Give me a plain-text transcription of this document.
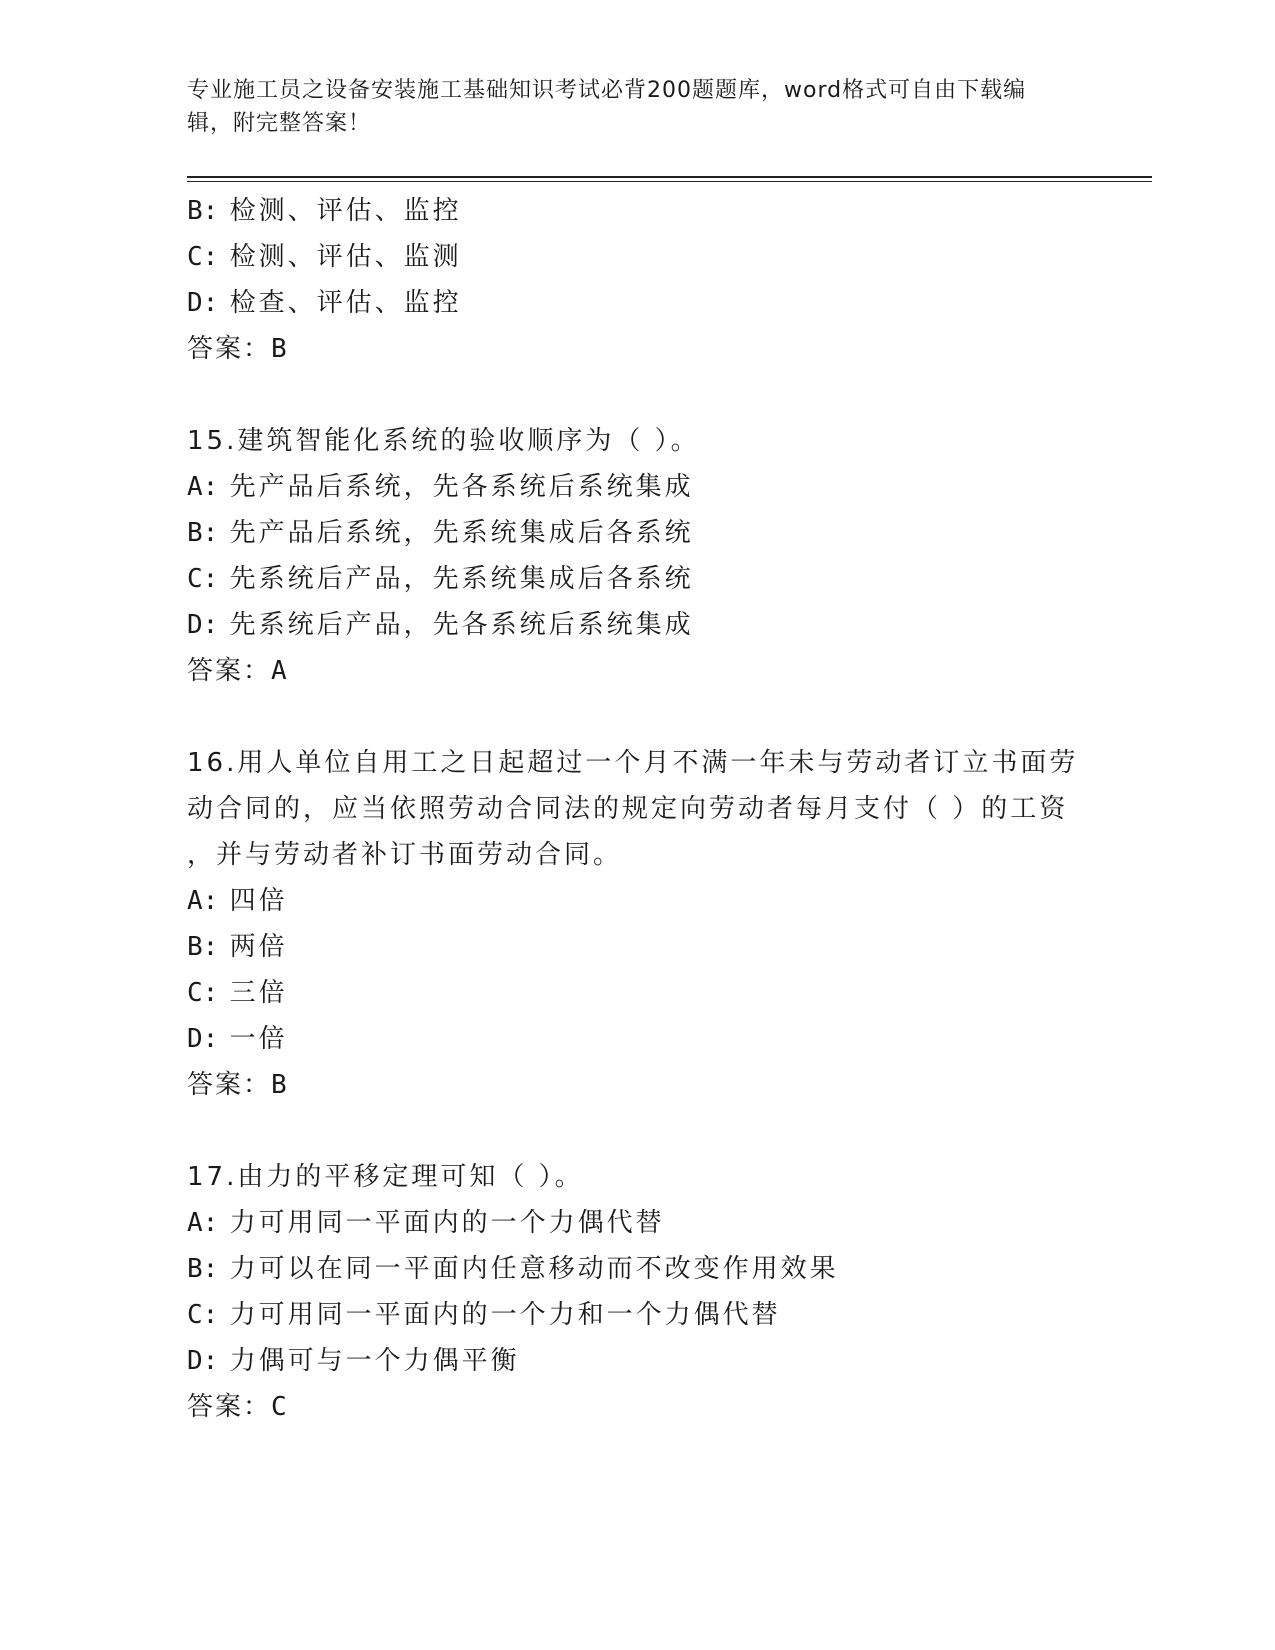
专业施工员之设备安装施工基础知识考试必背200题题库，word格式可自由下载编辑，附完整答案！
B: 检测、评估、监控
C: 检测、评估、监测
D: 检查、评估、监控
答案：B
15.建筑智能化系统的验收顺序为（ ）。
A: 先产品后系统，先各系统后系统集成
B: 先产品后系统，先系统集成后各系统
C: 先系统后产品，先系统集成后各系统
D: 先系统后产品，先各系统后系统集成
答案：A
16.用人单位自用工之日起超过一个月不满一年未与劳动者订立书面劳
动合同的，应当依照劳动合同法的规定向劳动者每月支付（ ）的工资
，并与劳动者补订书面劳动合同。
A: 四倍
B: 两倍
C: 三倍
D: 一倍
答案：B
17.由力的平移定理可知（ ）。
A: 力可用同一平面内的一个力偶代替
B: 力可以在同一平面内任意移动而不改变作用效果
C: 力可用同一平面内的一个力和一个力偶代替
D: 力偶可与一个力偶平衡
答案：C
